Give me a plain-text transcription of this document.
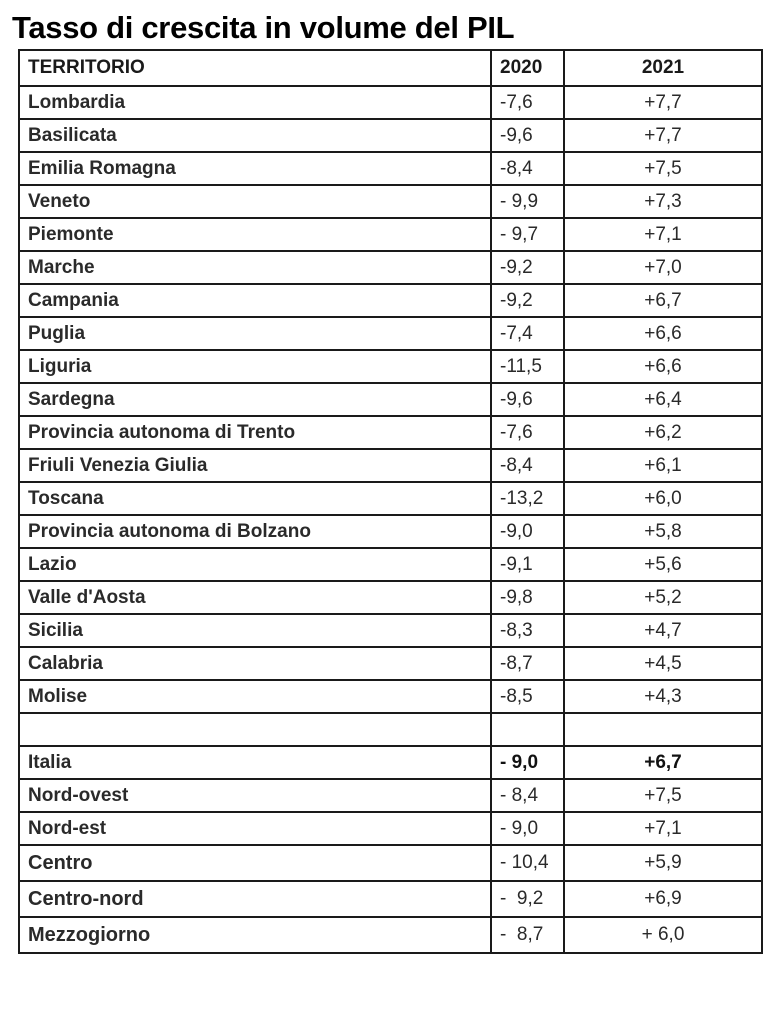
Tasso di crescita in volume del PIL
TERRITORIO	2020	2021
Lombardia	-7,6	+7,7
Basilicata	-9,6	+7,7
Emilia Romagna	-8,4	+7,5
Veneto	- 9,9	+7,3
Piemonte	- 9,7	+7,1
Marche	-9,2	+7,0
Campania	-9,2	+6,7
Puglia	-7,4	+6,6
Liguria	-11,5	+6,6
Sardegna	-9,6	+6,4
Provincia autonoma di Trento	-7,6	+6,2
Friuli Venezia Giulia	-8,4	+6,1
Toscana	-13,2	+6,0
Provincia autonoma di Bolzano	-9,0	+5,8
Lazio	-9,1	+5,6
Valle d'Aosta	-9,8	+5,2
Sicilia	-8,3	+4,7
Calabria	-8,7	+4,5
Molise	-8,5	+4,3

Italia	- 9,0	+6,7
Nord-ovest	- 8,4	+7,5
Nord-est	- 9,0	+7,1
Centro	- 10,4	+5,9
Centro-nord	-  9,2	+6,9
Mezzogiorno	-  8,7	+ 6,0
